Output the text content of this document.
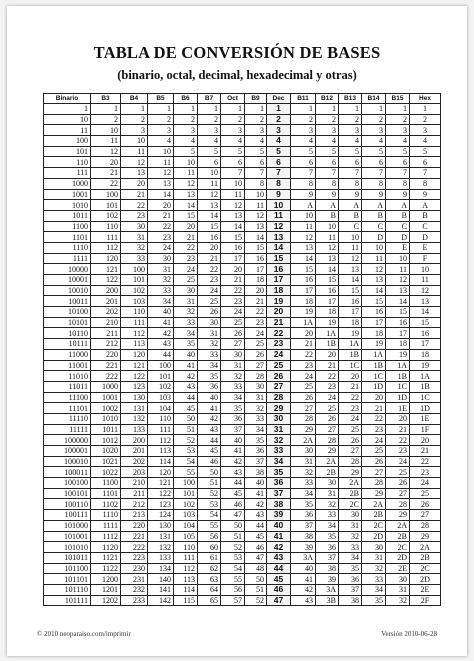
TABLA DE CONVERSIÓN DE BASES
(binario, octal, decimal, hexadecimal y otras)
Binario	B3	B4	B5	B6	B7	Oct	B9	Dec	B11	B12	B13	B14	B15	Hex
1	1	1	1	1	1	1	1	1	1	1	1	1	1	1
10	2	2	2	2	2	2	2	2	2	2	2	2	2	2
11	10	3	3	3	3	3	3	3	3	3	3	3	3	3
100	11	10	4	4	4	4	4	4	4	4	4	4	4	4
101	12	11	10	5	5	5	5	5	5	5	5	5	5	5
110	20	12	11	10	6	6	6	6	6	6	6	6	6	6
111	21	13	12	11	10	7	7	7	7	7	7	7	7	7
1000	22	20	13	12	11	10	8	8	8	8	8	8	8	8
1001	100	21	14	13	12	11	10	9	9	9	9	9	9	9
1010	101	22	20	14	13	12	11	10	A	A	A	A	A	A
1011	102	23	21	15	14	13	12	11	10	B	B	B	B	B
1100	110	30	22	20	15	14	13	12	11	10	C	C	C	C
1101	111	31	23	21	16	15	14	13	12	11	10	D	D	D
1110	112	32	24	22	20	16	15	14	13	12	11	10	E	E
1111	120	33	30	23	21	17	16	15	14	13	12	11	10	F
10000	121	100	31	24	22	20	17	16	15	14	13	12	11	10
10001	122	101	32	25	23	21	18	17	16	15	14	13	12	11
10010	200	102	33	30	24	22	20	18	17	16	15	14	13	12
10011	201	103	34	31	25	23	21	19	18	17	16	15	14	13
10100	202	110	40	32	26	24	22	20	19	18	17	16	15	14
10101	210	111	41	33	30	25	23	21	1A	19	18	17	16	15
10110	211	112	42	34	31	26	24	22	20	1A	19	18	17	16
10111	212	113	43	35	32	27	25	23	21	1B	1A	19	18	17
11000	220	120	44	40	33	30	26	24	22	20	1B	1A	19	18
11001	221	121	100	41	34	31	27	25	23	21	1C	1B	1A	19
11010	222	122	101	42	35	32	28	26	24	22	20	1C	1B	1A
11011	1000	123	102	43	36	33	30	27	25	23	21	1D	1C	1B
11100	1001	130	103	44	40	34	31	28	26	24	22	20	1D	1C
11101	1002	131	104	45	41	35	32	29	27	25	23	21	1E	1D
11110	1010	132	110	50	42	36	33	30	28	26	24	22	20	1E
11111	1011	133	111	51	43	37	34	31	29	27	25	23	21	1F
100000	1012	200	112	52	44	40	35	32	2A	28	26	24	22	20
100001	1020	201	113	53	45	41	36	33	30	29	27	25	23	21
100010	1021	202	114	54	46	42	37	34	31	2A	28	26	24	22
100011	1022	203	120	55	50	43	38	35	32	2B	29	27	25	23
100100	1100	210	121	100	51	44	40	36	33	30	2A	28	26	24
100101	1101	211	122	101	52	45	41	37	34	31	2B	29	27	25
100110	1102	212	123	102	53	46	42	38	35	32	2C	2A	28	26
100111	1110	213	124	103	54	47	43	39	36	33	30	2B	29	27
101000	1111	220	130	104	55	50	44	40	37	34	31	2C	2A	28
101001	1112	221	131	105	56	51	45	41	38	35	32	2D	2B	29
101010	1120	222	132	110	60	52	46	42	39	36	33	30	2C	2A
101011	1121	223	133	111	61	53	47	43	3A	37	34	31	2D	2B
101100	1122	230	134	112	62	54	48	44	40	38	35	32	2E	2C
101101	1200	231	140	113	63	55	50	45	41	39	36	33	30	2D
101110	1201	232	141	114	64	56	51	46	42	3A	37	34	31	2E
101111	1202	233	142	115	65	57	52	47	43	3B	38	35	32	2F
© 2010 neoparaiso.com/imprimir	Versión 2010-06-28
